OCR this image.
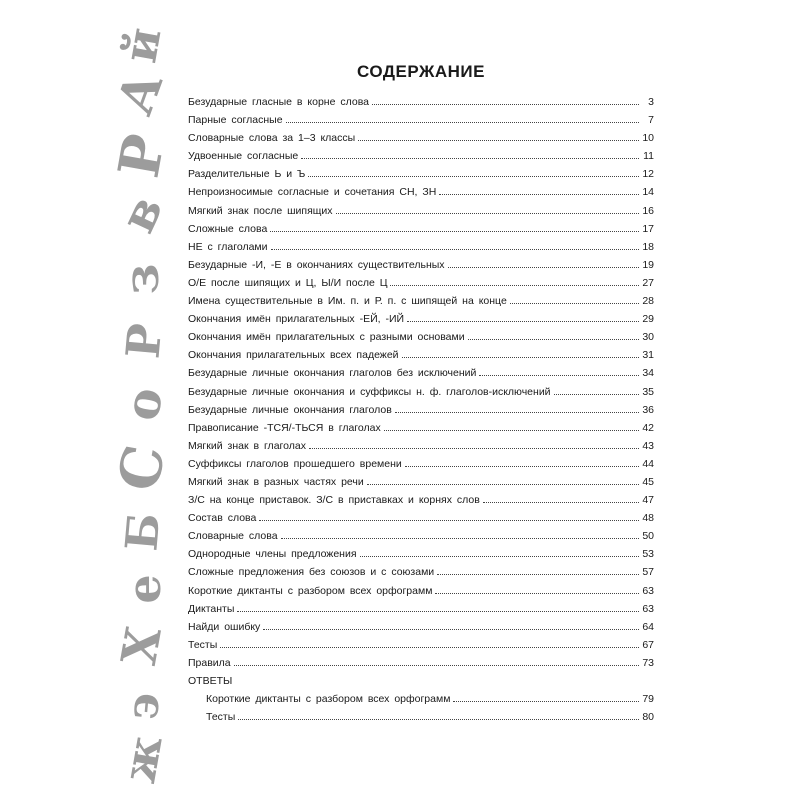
й
А
Р
в
з
Р
о
С
Б
е
Х
э
ж
СОДЕРЖАНИЕ
Безударные гласные в корне слова	3
Парные согласные	7
Словарные слова за 1–3 классы	10
Удвоенные согласные	11
Разделительные Ь и Ъ	12
Непроизносимые согласные и сочетания СН, ЗН	14
Мягкий знак после шипящих	16
Сложные слова	17
НЕ с глаголами	18
Безударные -И, -Е в окончаниях существительных	19
О/Е после шипящих и Ц, Ы/И после Ц	27
Имена существительные в Им. п. и Р. п. с шипящей на конце	28
Окончания имён прилагательных -ЕЙ, -ИЙ	29
Окончания имён прилагательных с разными основами	30
Окончания прилагательных всех падежей	31
Безударные личные окончания глаголов без исключений	34
Безударные личные окончания и суффиксы н. ф. глаголов-исключений	35
Безударные личные окончания глаголов	36
Правописание -ТСЯ/-ТЬСЯ в глаголах	42
Мягкий знак в глаголах	43
Суффиксы глаголов прошедшего времени	44
Мягкий знак в разных частях речи	45
З/С на конце приставок. З/С в приставках и корнях слов	47
Состав слова	48
Словарные слова	50
Однородные члены предложения	53
Сложные предложения без союзов и с союзами	57
Короткие диктанты с разбором всех орфограмм	63
Диктанты	63
Найди ошибку	64
Тесты	67
Правила	73
ОТВЕТЫ
Короткие диктанты с разбором всех орфограмм	79
Тесты	80
